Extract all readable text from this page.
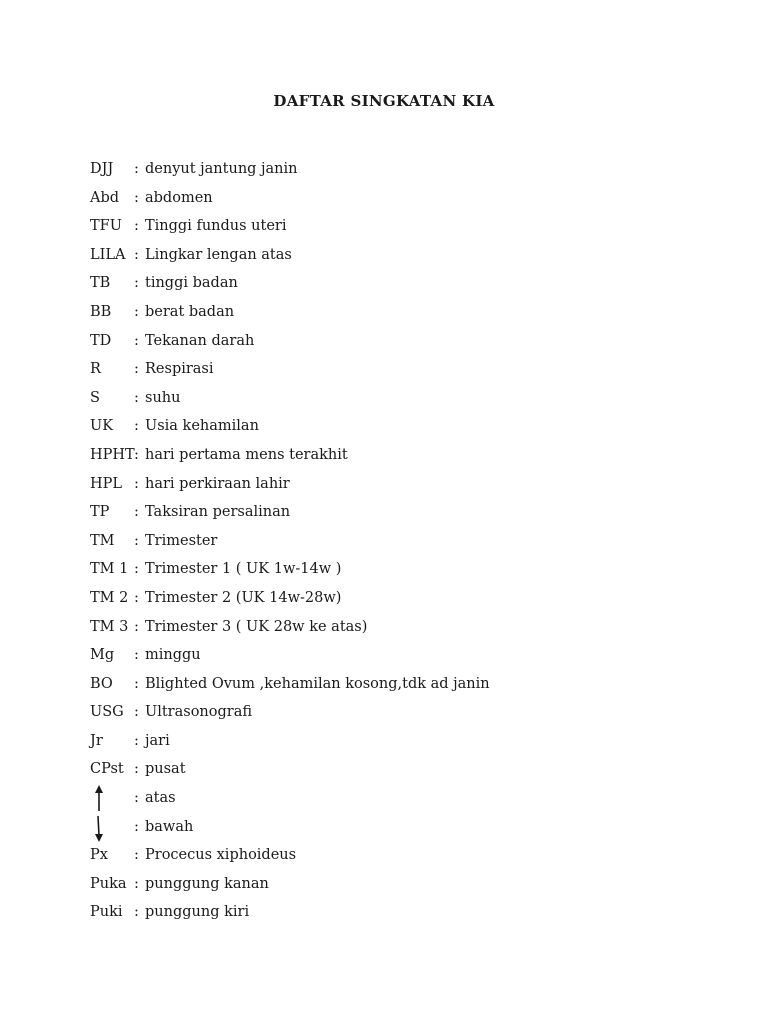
DAFTAR SINGKATAN KIA
DJJ : denyut jantung janin
Abd : abdomen
TFU : Tinggi fundus uteri
LILA : Lingkar lengan atas
TB : tinggi badan
BB : berat badan
TD : Tekanan darah
R : Respirasi
S : suhu
UK : Usia kehamilan
HPHT : hari pertama mens terakhit
HPL : hari perkiraan lahir
TP : Taksiran persalinan
TM : Trimester
TM 1 : Trimester 1 ( UK 1w-14w )
TM 2 : Trimester 2 (UK 14w-28w)
TM 3 : Trimester 3 ( UK 28w ke atas)
Mg : minggu
BO : Blighted Ovum ,kehamilan kosong,tdk ad janin
USG : Ultrasonografi
Jr : jari
CPst : pusat
: atas
: bawah
Px : Procecus xiphoideus
Puka : punggung kanan
Puki : punggung kiri
